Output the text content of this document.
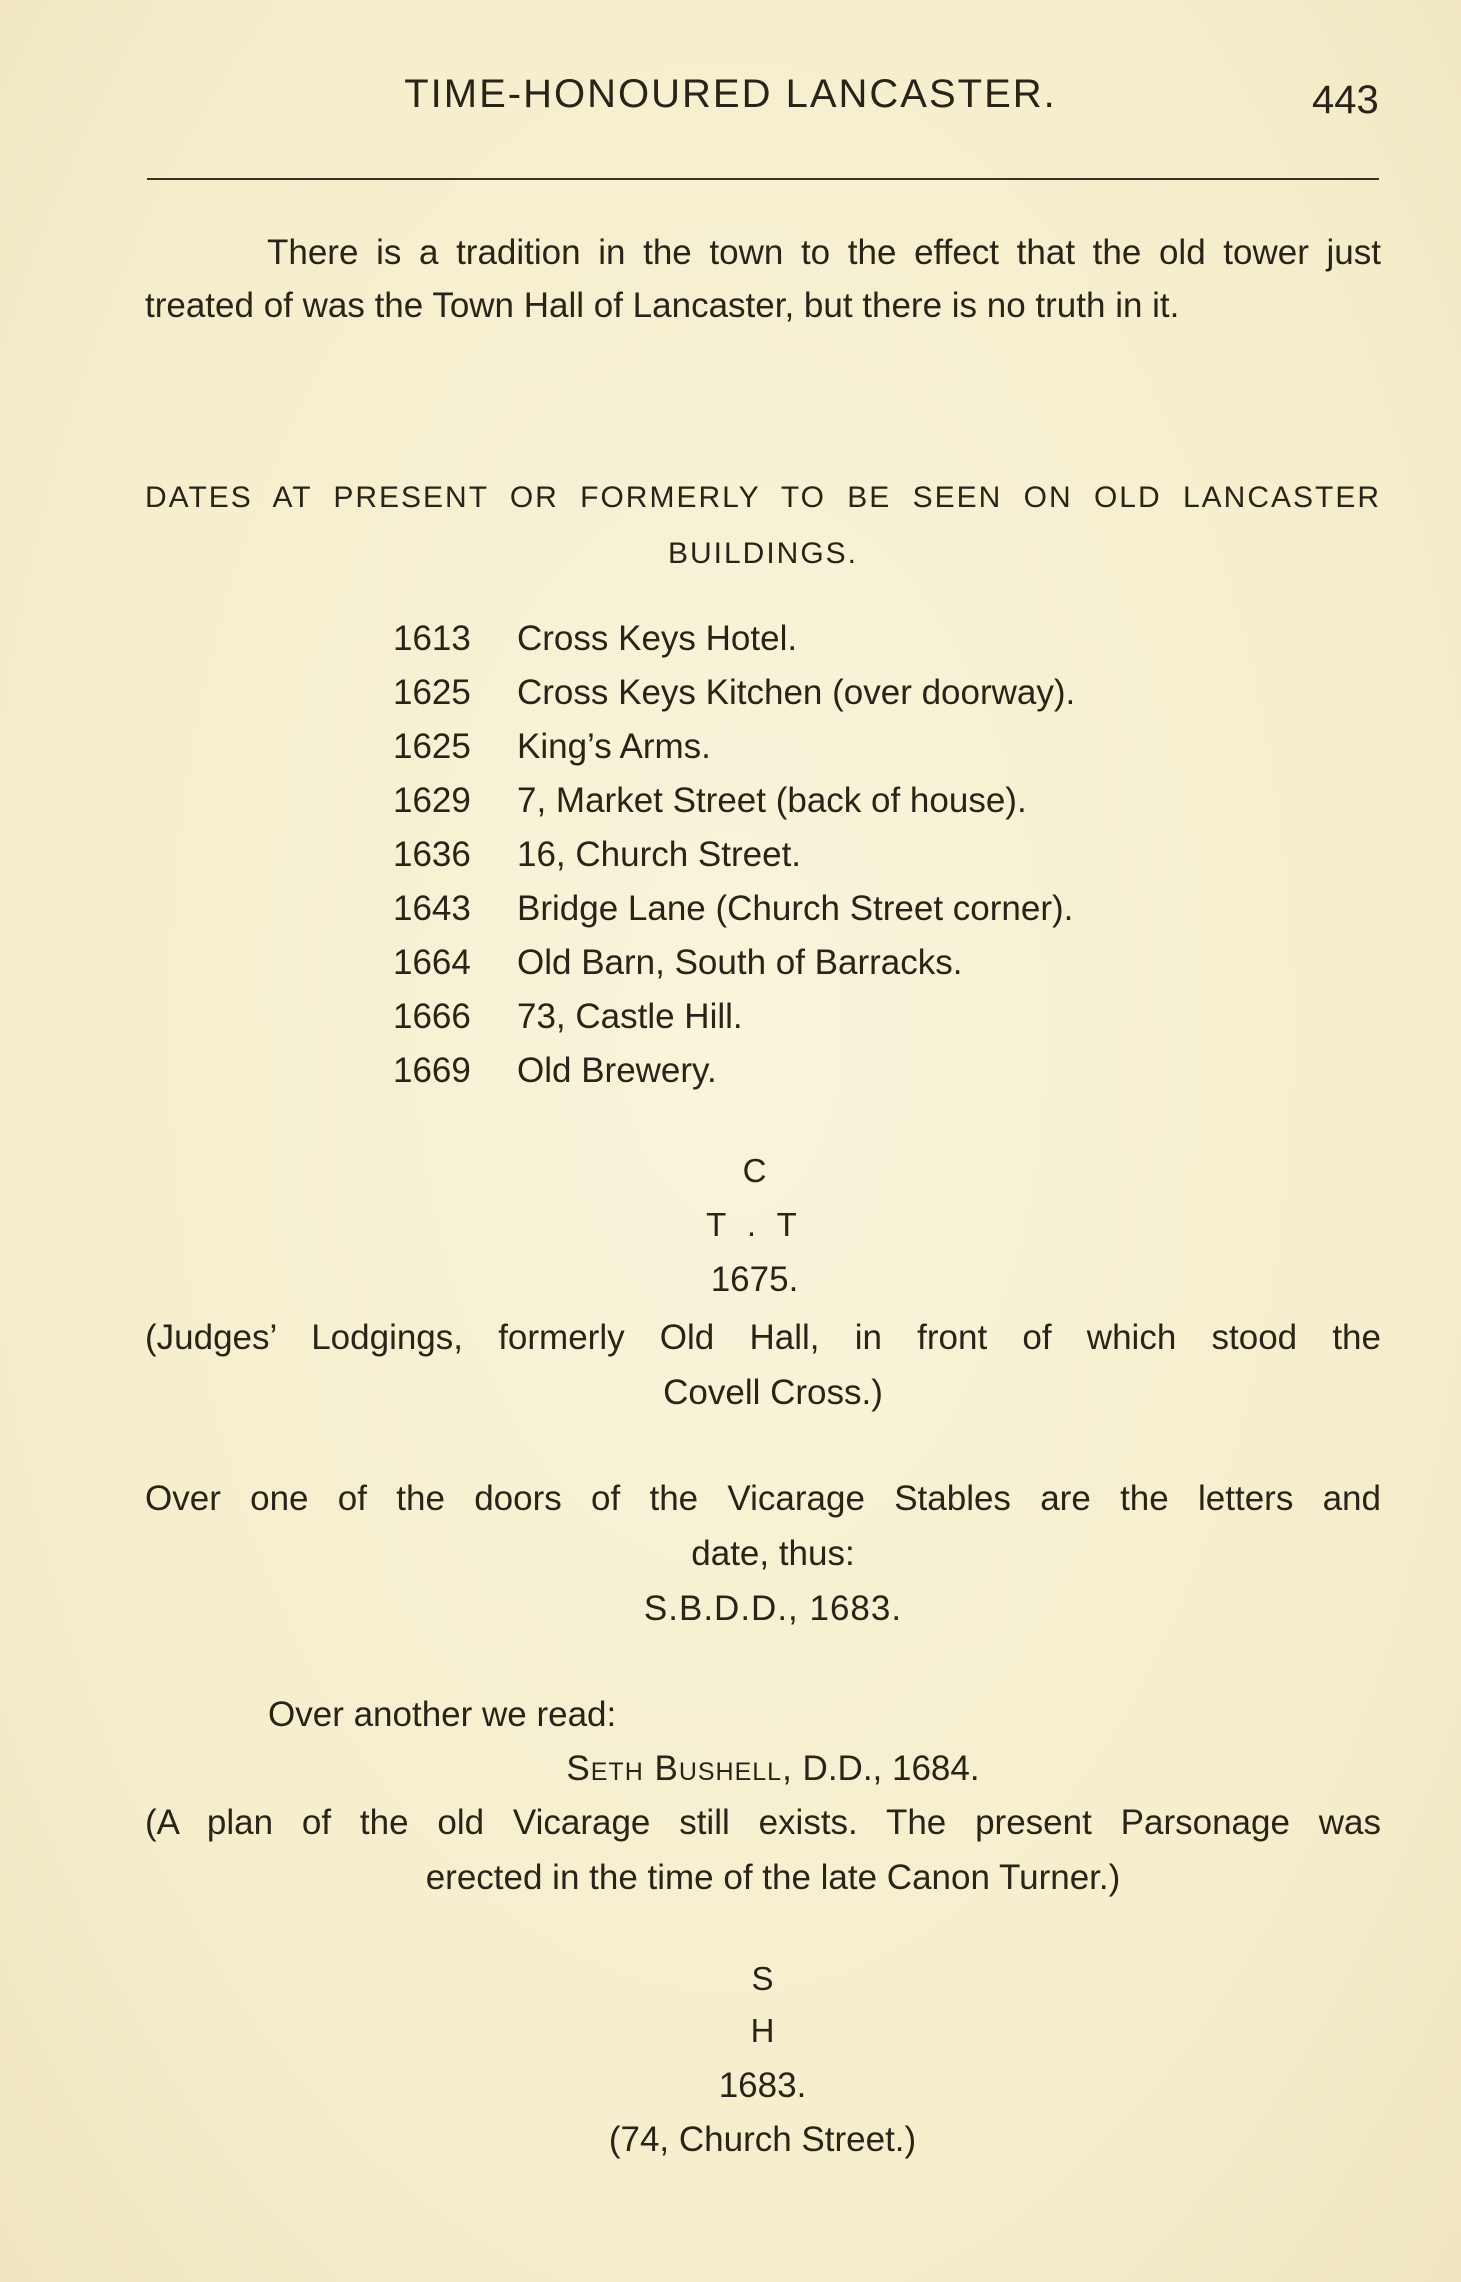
TIME-HONOURED LANCASTER.	443
There is a tradition in the town to the effect that the old tower just treated of was the Town Hall of Lancaster, but there is no truth in it.
DATES AT PRESENT OR FORMERLY TO BE SEEN ON OLD LANCASTER
BUILDINGS.
1613	Cross Keys Hotel.
1625	Cross Keys Kitchen (over doorway).
1625	King’s Arms.
1629	7, Market Street (back of house).
1636	16, Church Street.
1643	Bridge Lane (Church Street corner).
1664	Old Barn, South of Barracks.
1666	73, Castle Hill.
1669	Old Brewery.
C
T . T
1675.
(Judges’ Lodgings, formerly Old Hall, in front of which stood the
Covell Cross.)
Over one of the doors of the Vicarage Stables are the letters and
date, thus:
S.B.D.D., 1683.
Over another we read:
Seth Bushell, D.D., 1684.
(A plan of the old Vicarage still exists. The present Parsonage was
erected in the time of the late Canon Turner.)
S
H
1683.
(74, Church Street.)
